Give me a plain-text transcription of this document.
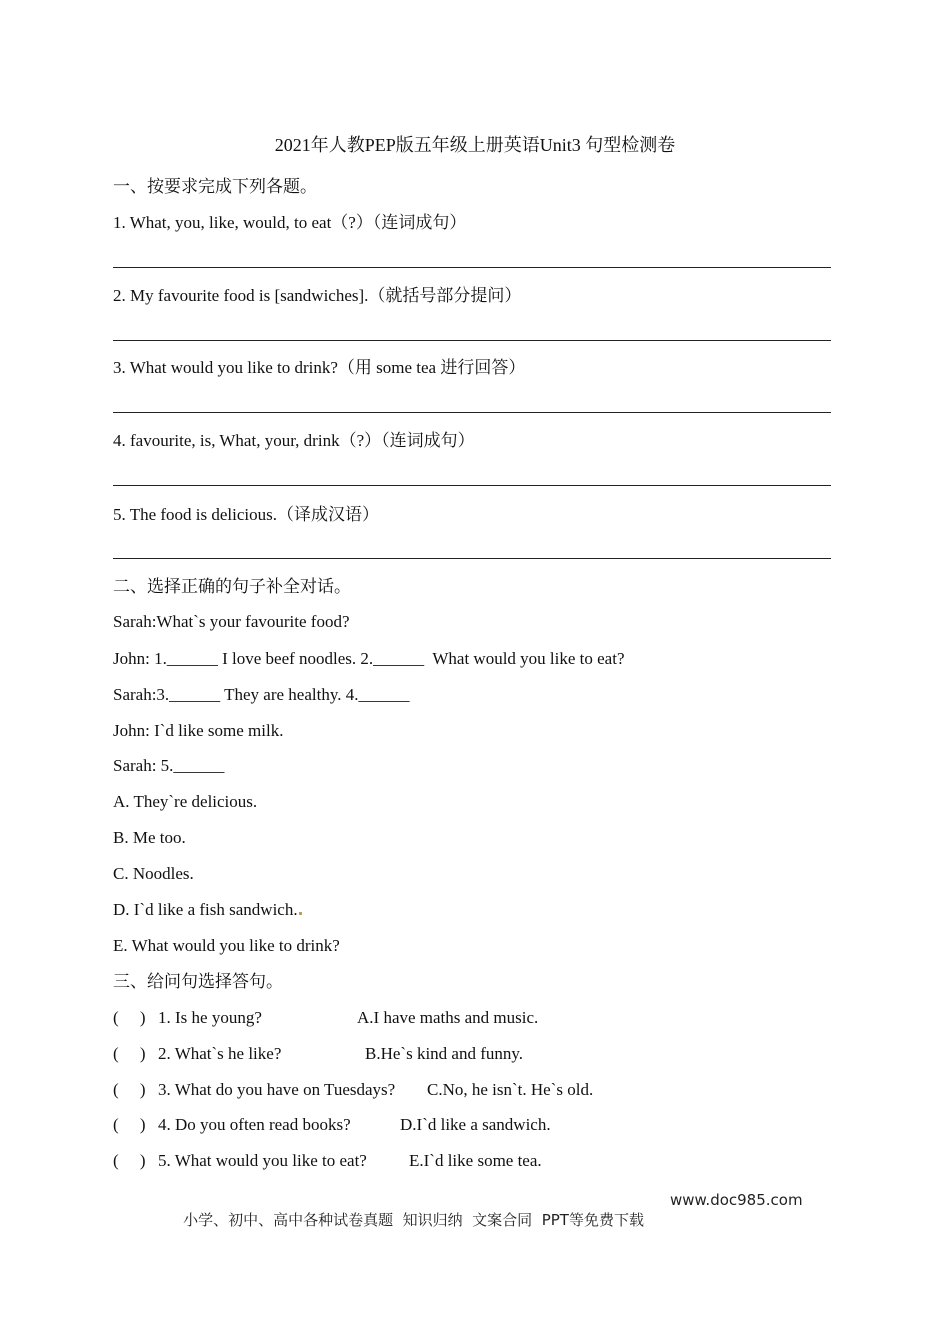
2021年人教PEP版五年级上册英语Unit3 句型检测卷
一、按要求完成下列各题。
1. What, you, like, would, to eat（?）（连词成句）
2. My favourite food is [sandwiches].（就括号部分提问）
3. What would you like to drink?（用 some tea 进行回答）
4. favourite, is, What, your, drink（?）（连词成句）
5. The food is delicious.（译成汉语）
二、选择正确的句子补全对话。
Sarah:What`s your favourite food?
John: 1.______ I love beef noodles. 2.______  What would you like to eat?
Sarah:3.______ They are healthy. 4.______
John: I`d like some milk.
Sarah: 5.______
A. They`re delicious.
B. Me too.
C. Noodles.
D. I`d like a fish sandwich.
E. What would you like to drink?
三、给问句选择答句。
(     ) 1. Is he young?	A.I have maths and music.
(     ) 2. What`s he like?	B.He`s kind and funny.
(     ) 3. What do you have on Tuesdays? C.No, he isn`t. He`s old.
(     ) 4. Do you often read books?	D.I`d like a sandwich.
(     ) 5. What would you like to eat? E.I`d like some tea.

小学、初中、高中各种试卷真题  知识归纳  文案合同  PPT等免费下载

www.doc985.com
